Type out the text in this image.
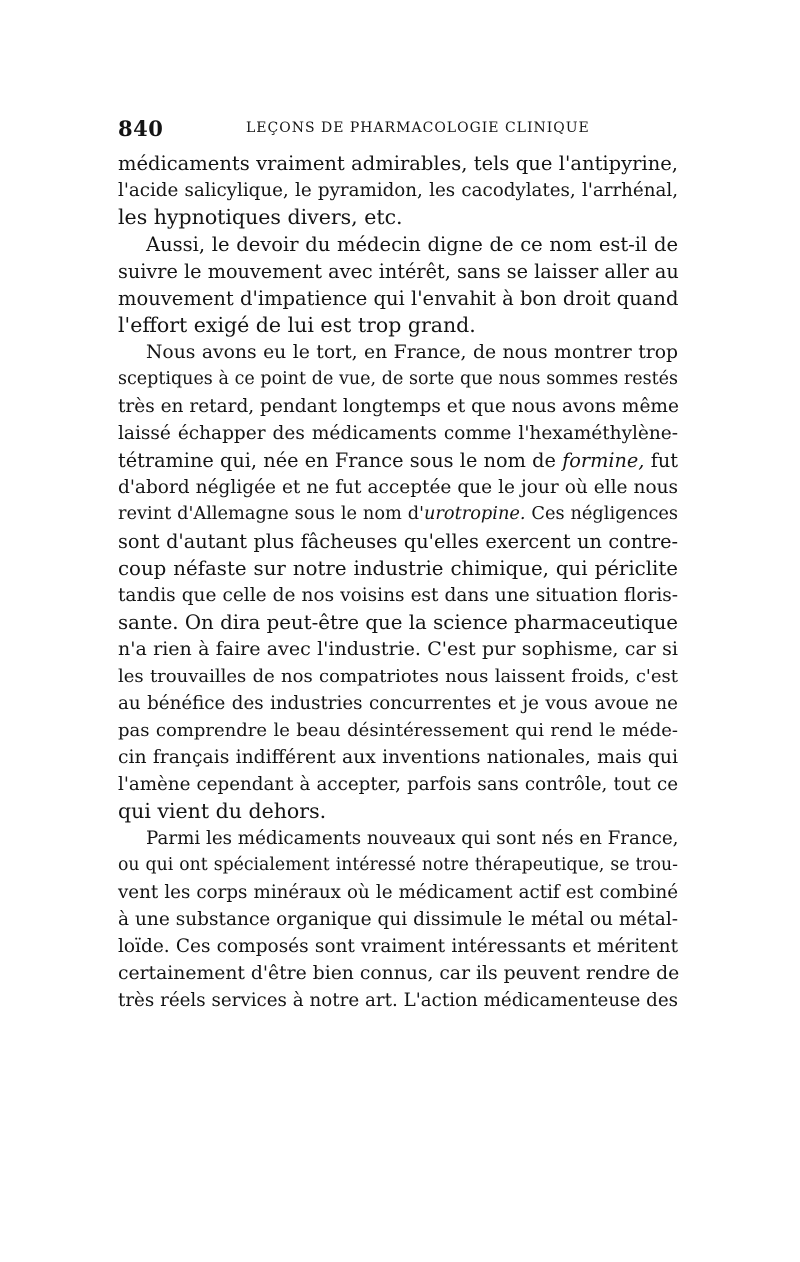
840	LEÇONS DE PHARMACOLOGIE CLINIQUE
médicaments vraiment admirables, tels que l'antipyrine,
l'acide salicylique, le pyramidon, les cacodylates, l'arrhénal,
les hypnotiques divers, etc.
Aussi, le devoir du médecin digne de ce nom est-il de
suivre le mouvement avec intérêt, sans se laisser aller au
mouvement d'impatience qui l'envahit à bon droit quand
l'effort exigé de lui est trop grand.
Nous avons eu le tort, en France, de nous montrer trop
sceptiques à ce point de vue, de sorte que nous sommes restés
très en retard, pendant longtemps et que nous avons même
laissé échapper des médicaments comme l'hexaméthylène-
tétramine qui, née en France sous le nom de formine, fut
d'abord négligée et ne fut acceptée que le jour où elle nous
revint d'Allemagne sous le nom d'urotropine. Ces négligences
sont d'autant plus fâcheuses qu'elles exercent un contre-
coup néfaste sur notre industrie chimique, qui périclite
tandis que celle de nos voisins est dans une situation floris-
sante. On dira peut-être que la science pharmaceutique
n'a rien à faire avec l'industrie. C'est pur sophisme, car si
les trouvailles de nos compatriotes nous laissent froids, c'est
au bénéfice des industries concurrentes et je vous avoue ne
pas comprendre le beau désintéressement qui rend le méde-
cin français indifférent aux inventions nationales, mais qui
l'amène cependant à accepter, parfois sans contrôle, tout ce
qui vient du dehors.
Parmi les médicaments nouveaux qui sont nés en France,
ou qui ont spécialement intéressé notre thérapeutique, se trou-
vent les corps minéraux où le médicament actif est combiné
à une substance organique qui dissimule le métal ou métal-
loïde. Ces composés sont vraiment intéressants et méritent
certainement d'être bien connus, car ils peuvent rendre de
très réels services à notre art. L'action médicamenteuse des
